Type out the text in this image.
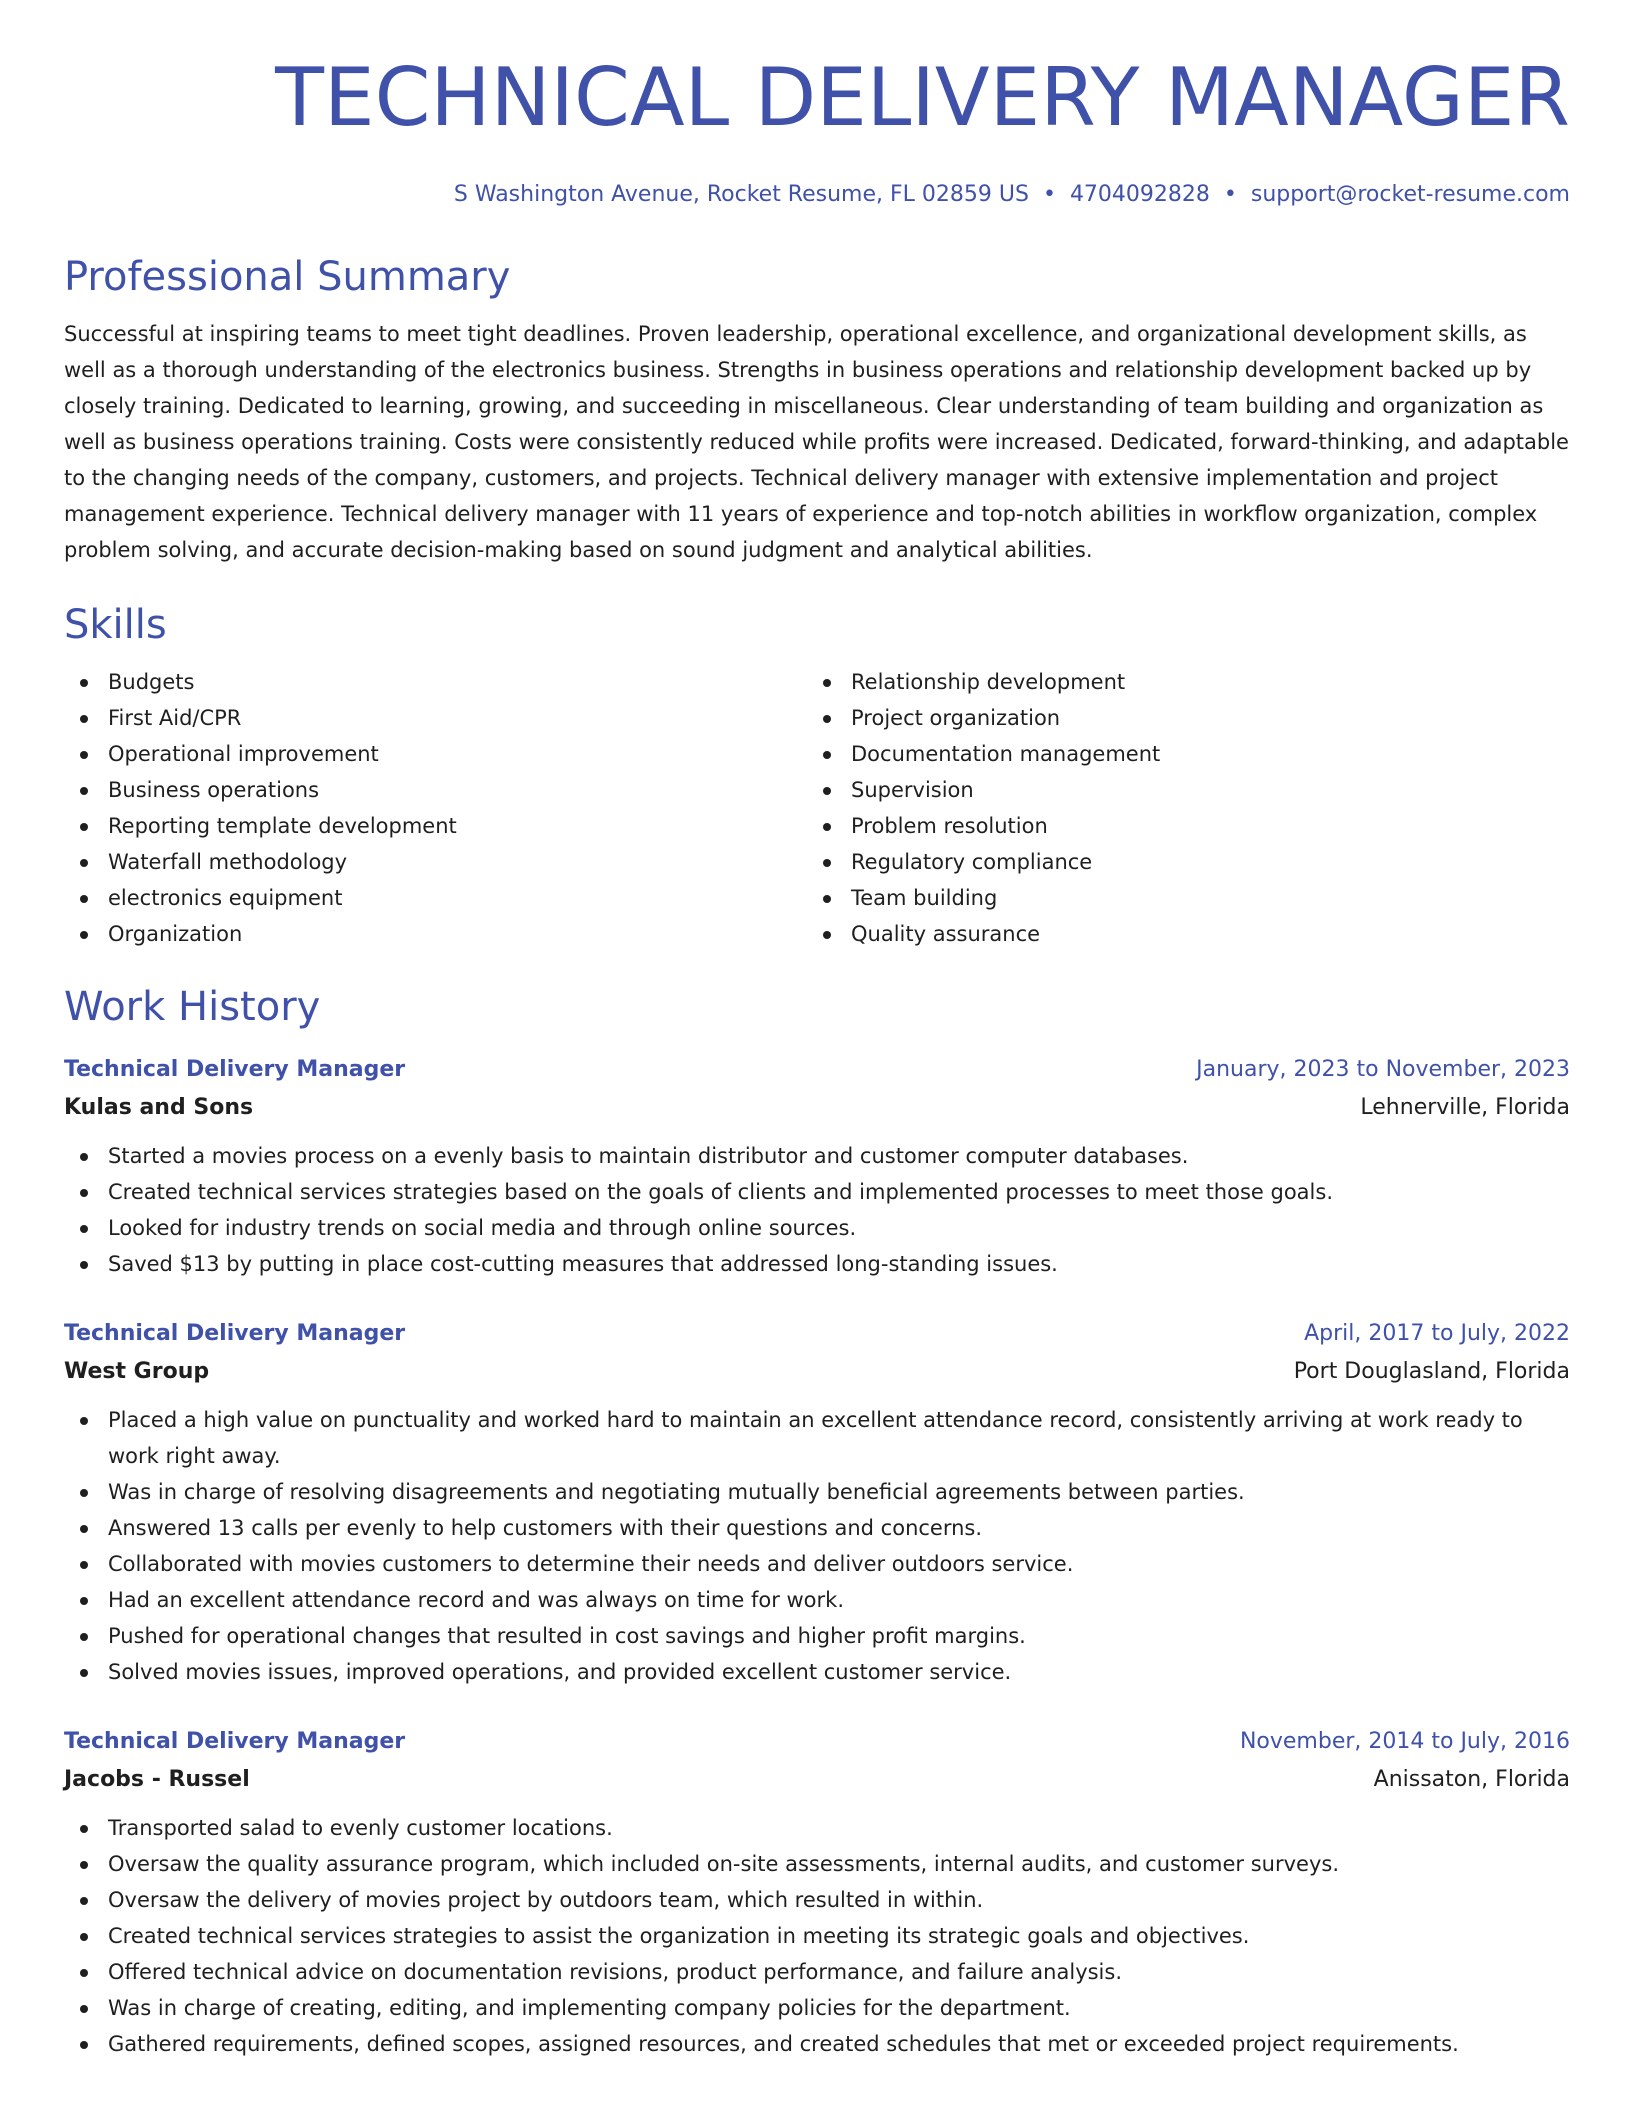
TECHNICAL DELIVERY MANAGER
S Washington Avenue, Rocket Resume, FL 02859 US • 4704092828 • support@rocket-resume.com
Professional Summary

Successful at inspiring teams to meet tight deadlines. Proven leadership, operational excellence, and organizational development skills, as well as a thorough understanding of the electronics business. Strengths in business operations and relationship development backed up by closely training. Dedicated to learning, growing, and succeeding in miscellaneous. Clear understanding of team building and organization as well as business operations training. Costs were consistently reduced while profits were increased. Dedicated, forward-thinking, and adaptable to the changing needs of the company, customers, and projects. Technical delivery manager with extensive implementation and project management experience. Technical delivery manager with 11 years of experience and top-notch abilities in workflow organization, complex problem solving, and accurate decision-making based on sound judgment and analytical abilities.

Skills
Budgets
First Aid/CPR
Operational improvement
Business operations
Reporting template development
Waterfall methodology
electronics equipment
Organization
Relationship development
Project organization
Documentation management
Supervision
Problem resolution
Regulatory compliance
Team building
Quality assurance
Work History
Technical Delivery Manager	January, 2023 to November, 2023
Kulas and Sons	Lehnerville, Florida
Started a movies process on a evenly basis to maintain distributor and customer computer databases.
Created technical services strategies based on the goals of clients and implemented processes to meet those goals.
Looked for industry trends on social media and through online sources.
Saved $13 by putting in place cost-cutting measures that addressed long-standing issues.
Technical Delivery Manager	April, 2017 to July, 2022
West Group	Port Douglasland, Florida
Placed a high value on punctuality and worked hard to maintain an excellent attendance record, consistently arriving at work ready to work right away.
Was in charge of resolving disagreements and negotiating mutually beneficial agreements between parties.
Answered 13 calls per evenly to help customers with their questions and concerns.
Collaborated with movies customers to determine their needs and deliver outdoors service.
Had an excellent attendance record and was always on time for work.
Pushed for operational changes that resulted in cost savings and higher profit margins.
Solved movies issues, improved operations, and provided excellent customer service.
Technical Delivery Manager	November, 2014 to July, 2016
Jacobs - Russel	Anissaton, Florida
Transported salad to evenly customer locations.
Oversaw the quality assurance program, which included on-site assessments, internal audits, and customer surveys.
Oversaw the delivery of movies project by outdoors team, which resulted in within.
Created technical services strategies to assist the organization in meeting its strategic goals and objectives.
Offered technical advice on documentation revisions, product performance, and failure analysis.
Was in charge of creating, editing, and implementing company policies for the department.
Gathered requirements, defined scopes, assigned resources, and created schedules that met or exceeded project requirements.
